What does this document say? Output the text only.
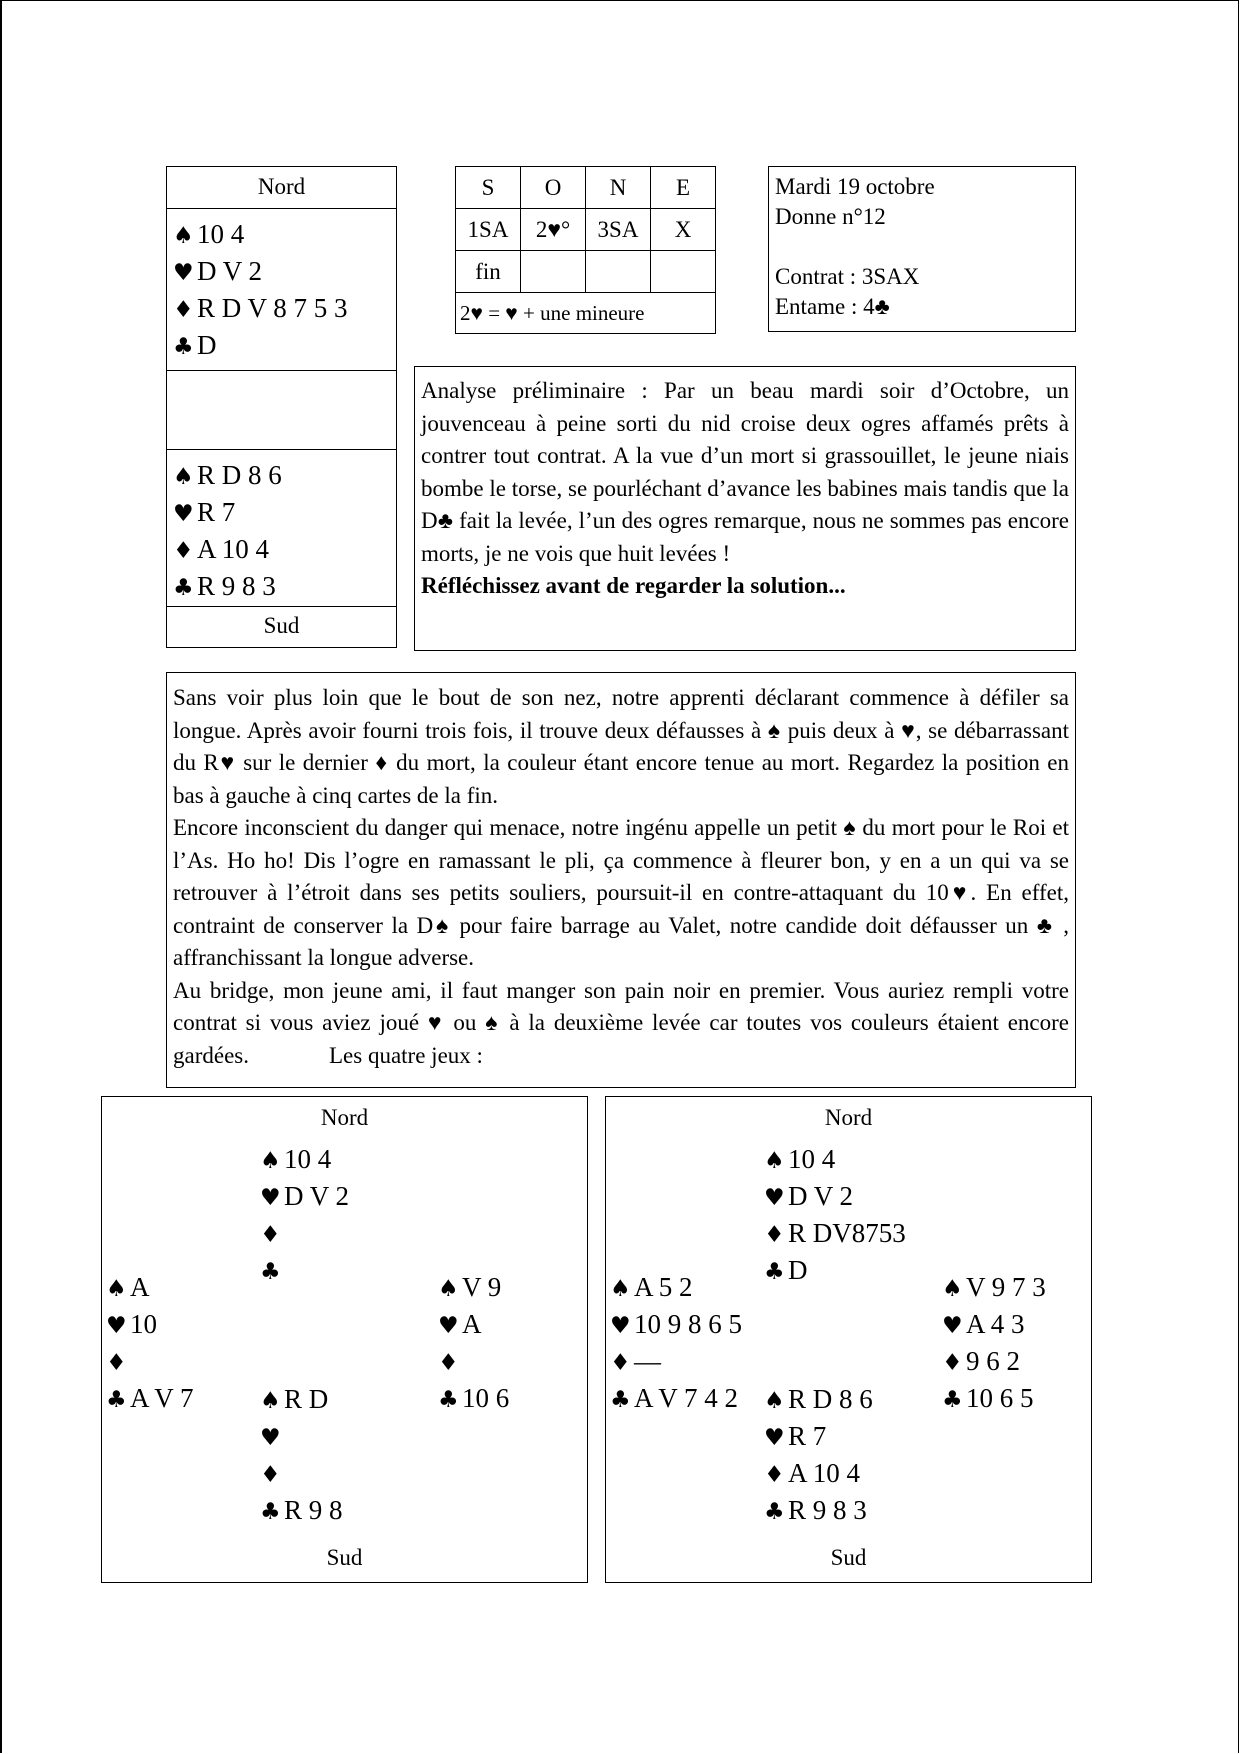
Nord
♠ 10 4
♥ D V 2
♦ R D V 8 7 5 3
♣ D
♠ R D 8 6
♥ R 7
♦ A 10 4
♣ R 9 8 3
Sud
S	O	N	E
1SA	2♥°	3SA	X
fin			
2♥ = ♥ + une mineure			
Mardi 19 octobre
Donne n°12
Contrat : 3SAX
Entame : 4♣
Analyse préliminaire : Par un beau mardi soir d’Octobre, un jouvenceau à peine sorti du nid croise deux ogres affamés prêts à contrer tout contrat. A la vue d’un mort si grassouillet, le jeune niais bombe le torse, se pourléchant d’avance les babines mais tandis que la D♣ fait la levée, l’un des ogres remarque, nous ne sommes pas encore morts, je ne vois que huit levées !
Réfléchissez avant de regarder la solution...
Sans voir plus loin que le bout de son nez, notre apprenti déclarant commence à défiler sa longue. Après avoir fourni trois fois, il trouve deux défausses à ♠ puis deux à ♥, se débarrassant du R♥ sur le dernier ♦ du mort, la couleur étant encore tenue au mort. Regardez la position en bas à gauche à cinq cartes de la fin.
Encore inconscient du danger qui menace, notre ingénu appelle un petit ♠ du mort pour le Roi et l’As. Ho ho! Dis l’ogre en ramassant le pli, ça commence à fleurer bon, y en a un qui va se retrouver à l’étroit dans ses petits souliers, poursuit-il en contre-attaquant du 10♥. En effet, contraint de conserver la D♠ pour faire barrage au Valet, notre candide doit défausser un ♣ , affranchissant la longue adverse.
Au bridge, mon jeune ami, il faut manger son pain noir en premier. Vous auriez rempli votre contrat si vous aviez joué ♥ ou ♠ à la deuxième levée car toutes vos couleurs étaient encore gardées.	Les quatre jeux :
Nord
♠ 10 4
♥ D V 2
♦
♣
♠ A
♥ 10
♦
♣ A V 7
♠ V 9
♥ A
♦
♣ 10 6
♠ R D
♥
♦
♣ R 9 8
Sud
Nord
♠ 10 4
♥ D V 2
♦ R DV8753
♣ D
♠ A 5 2
♥ 10 9 8 6 5
♦ —
♣ A V 7 4 2
♠ V 9 7 3
♥ A 4 3
♦ 9 6 2
♣ 10 6 5
♠ R D 8 6
♥ R 7
♦ A 10 4
♣ R 9 8 3
Sud
